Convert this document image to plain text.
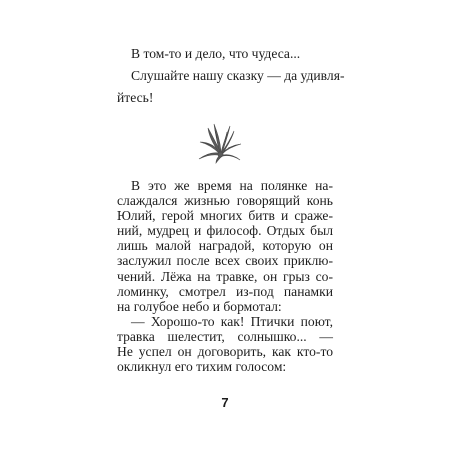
В том-то и дело, что чудеса...
Слушайте нашу сказку — да удивля-
йтесь!
В это же время на полянке на-
слаждался жизнью говорящий конь
Юлий, герой многих битв и сраже-
ний, мудрец и философ. Отдых был
лишь малой наградой, которую он
заслужил после всех своих приклю-
чений. Лёжа на травке, он грыз со-
ломинку, смотрел из-под панамки
на голубое небо и бормотал:
— Хорошо-то как! Птички поют,
травка шелестит, солнышко... —
Не успел он договорить, как кто-то
окликнул его тихим голосом:
7
